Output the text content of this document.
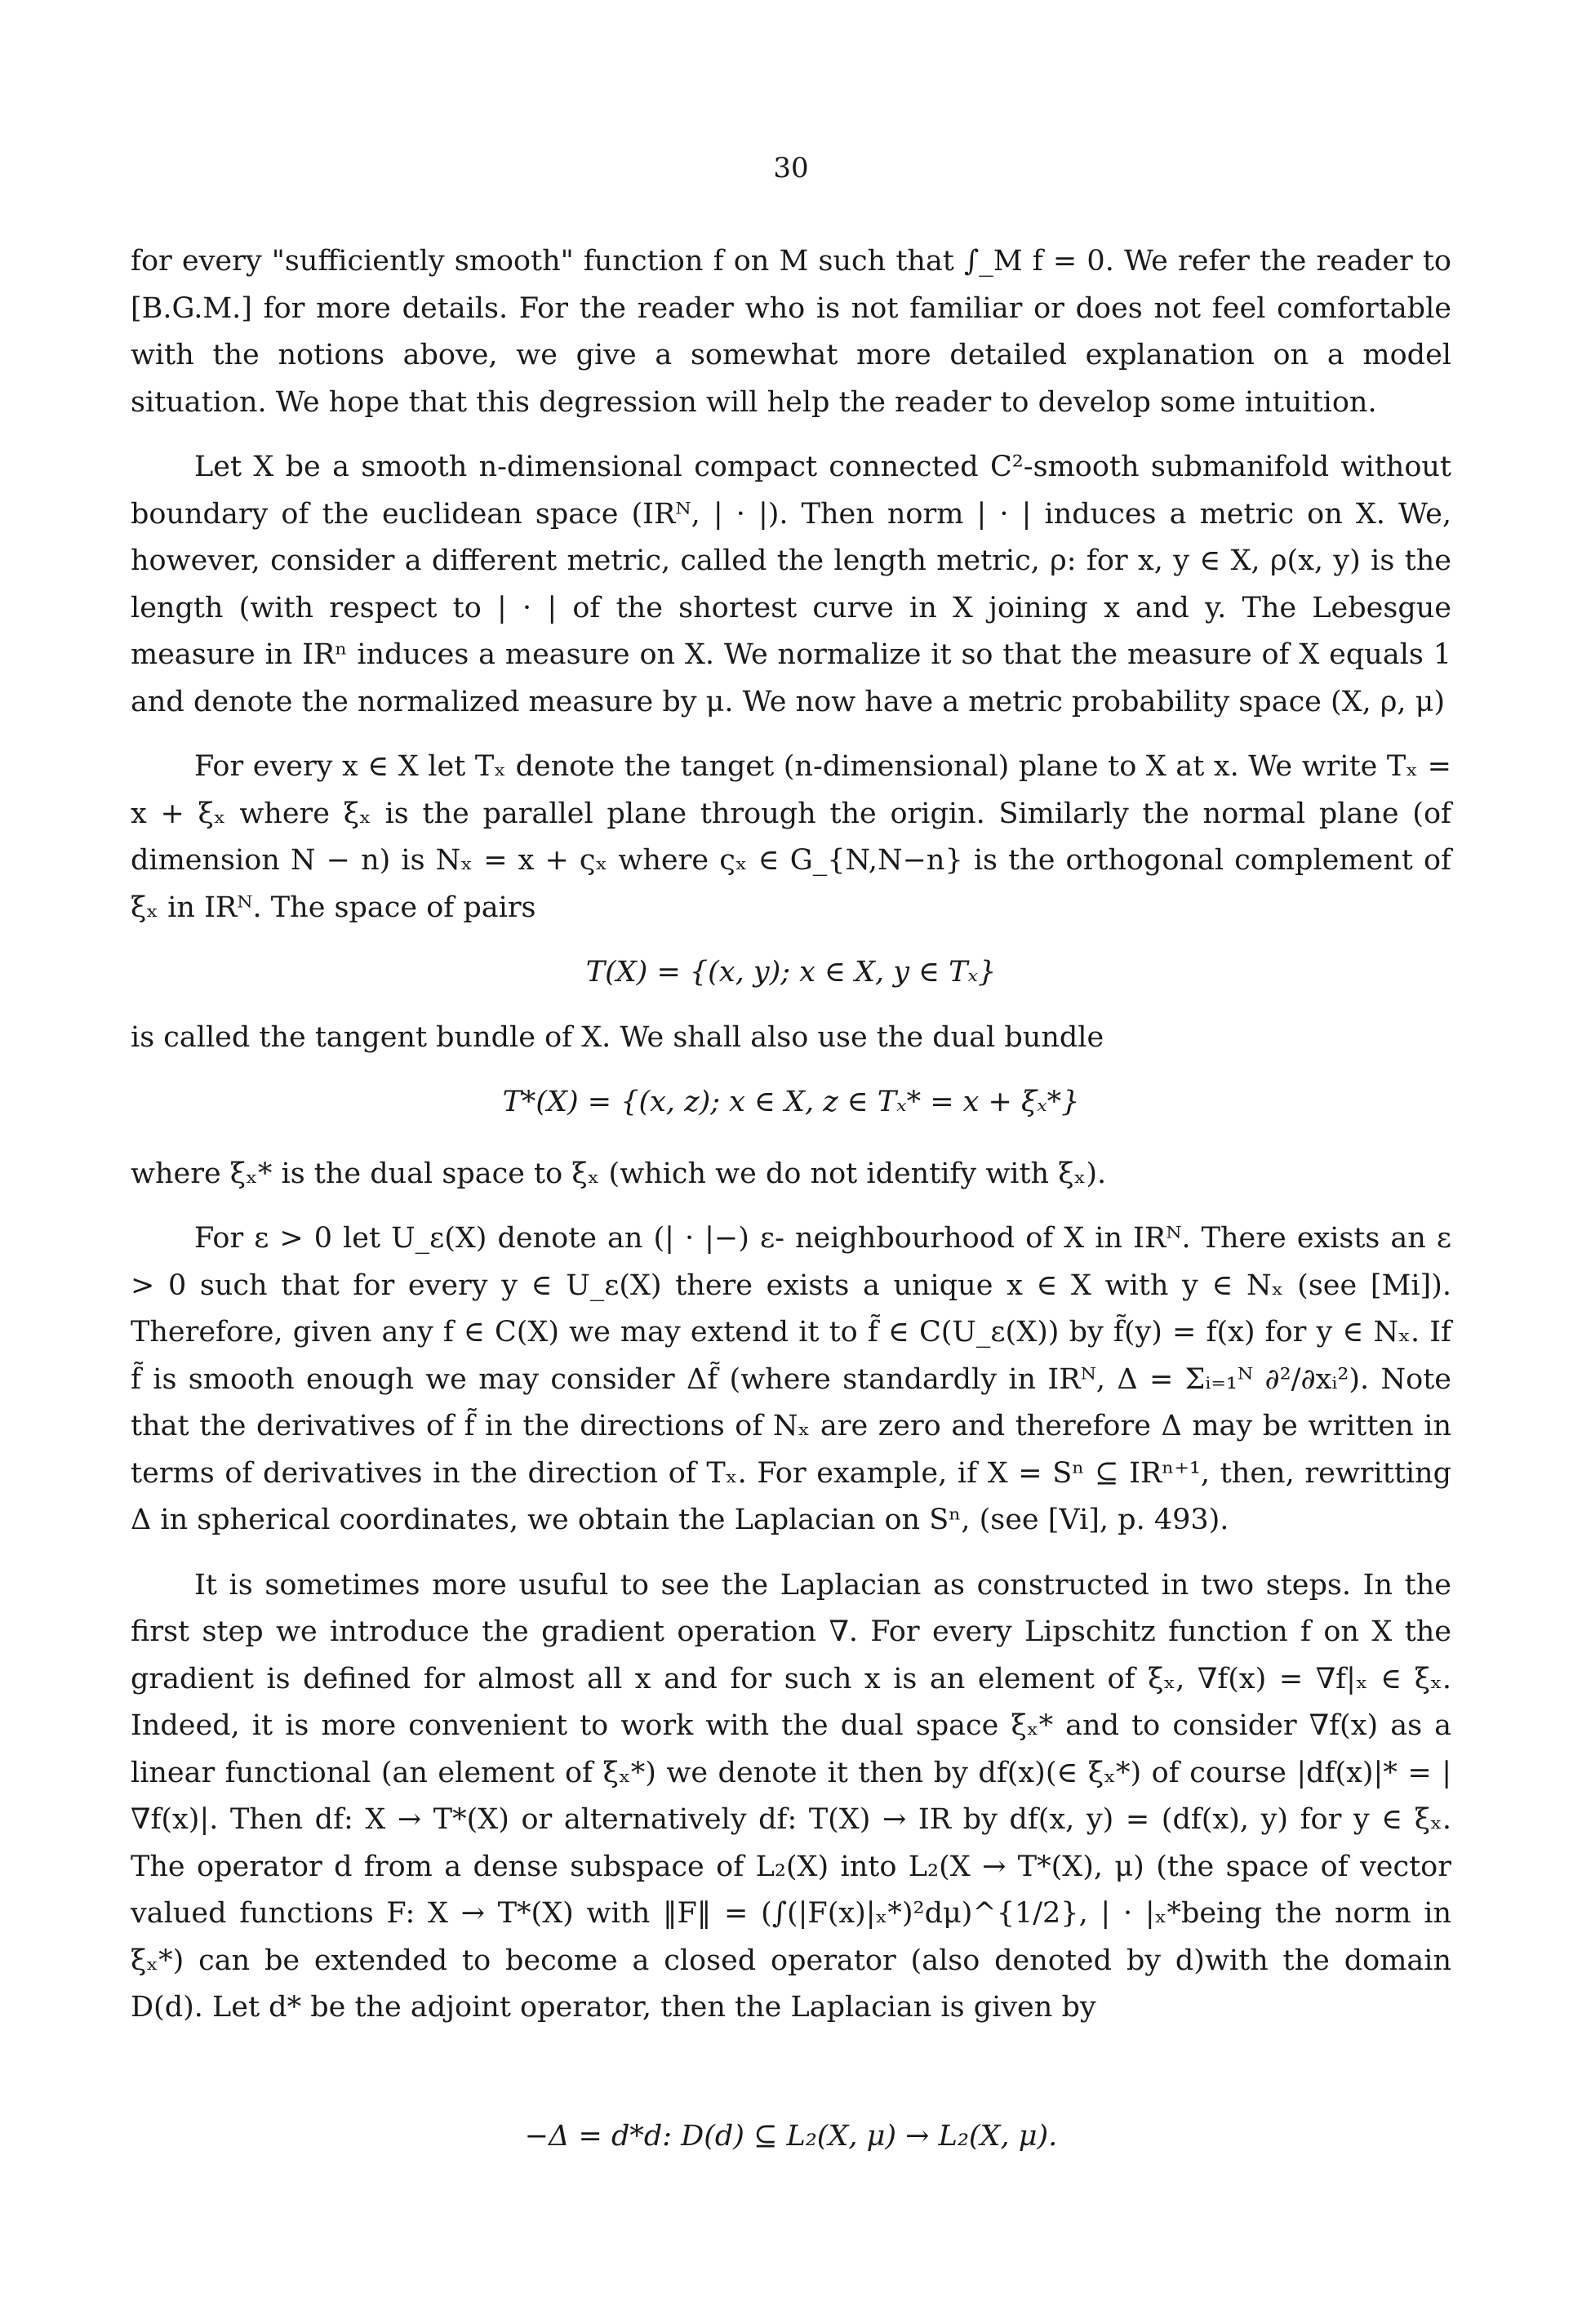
30

for every "sufficiently smooth" function f on M such that ∫_M f = 0. We refer the reader to [B.G.M.] for more details. For the reader who is not familiar or does not feel comfortable with the notions above, we give a somewhat more detailed explanation on a model situation. We hope that this degression will help the reader to develop some intuition.

Let X be a smooth n-dimensional compact connected C²-smooth submanifold without boundary of the euclidean space (IRᴺ, | · |). Then norm | · | induces a metric on X. We, however, consider a different metric, called the length metric, ρ: for x, y ∈ X, ρ(x, y) is the length (with respect to | · | of the shortest curve in X joining x and y. The Lebesgue measure in IRⁿ induces a measure on X. We normalize it so that the measure of X equals 1 and denote the normalized measure by μ. We now have a metric probability space (X, ρ, μ)

For every x ∈ X let Tₓ denote the tanget (n-dimensional) plane to X at x. We write Tₓ = x + ξₓ where ξₓ is the parallel plane through the origin. Similarly the normal plane (of dimension N − n) is Nₓ = x + ςₓ where ςₓ ∈ G_{N,N−n} is the orthogonal complement of ξₓ in IRᴺ. The space of pairs

T(X) = {(x, y); x ∈ X, y ∈ Tₓ}

is called the tangent bundle of X. We shall also use the dual bundle

T*(X) = {(x, z); x ∈ X, z ∈ Tₓ* = x + ξₓ*}

where ξₓ* is the dual space to ξₓ (which we do not identify with ξₓ).

For ε > 0 let U_ε(X) denote an (| · |−) ε- neighbourhood of X in IRᴺ. There exists an ε > 0 such that for every y ∈ U_ε(X) there exists a unique x ∈ X with y ∈ Nₓ (see [Mi]). Therefore, given any f ∈ C(X) we may extend it to f̃ ∈ C(U_ε(X)) by f̃(y) = f(x) for y ∈ Nₓ. If f̃ is smooth enough we may consider Δf̃ (where standardly in IRᴺ, Δ = Σᵢ₌₁ᴺ ∂²/∂xᵢ²). Note that the derivatives of f̃ in the directions of Nₓ are zero and therefore Δ may be written in terms of derivatives in the direction of Tₓ. For example, if X = Sⁿ ⊆ IRⁿ⁺¹, then, rewritting Δ in spherical coordinates, we obtain the Laplacian on Sⁿ, (see [Vi], p. 493).

It is sometimes more usuful to see the Laplacian as constructed in two steps. In the first step we introduce the gradient operation ∇. For every Lipschitz function f on X the gradient is defined for almost all x and for such x is an element of ξₓ, ∇f(x) = ∇f|ₓ ∈ ξₓ. Indeed, it is more convenient to work with the dual space ξₓ* and to consider ∇f(x) as a linear functional (an element of ξₓ*) we denote it then by df(x)(∈ ξₓ*) of course |df(x)|* = |∇f(x)|. Then df: X → T*(X) or alternatively df: T(X) → IR by df(x, y) = (df(x), y) for y ∈ ξₓ. The operator d from a dense subspace of L₂(X) into L₂(X → T*(X), μ) (the space of vector valued functions F: X → T*(X) with ‖F‖ = (∫(|F(x)|ₓ*)²dμ)^{1/2}, | · |ₓ*being the norm in ξₓ*) can be extended to become a closed operator (also denoted by d)with the domain D(d). Let d* be the adjoint operator, then the Laplacian is given by

−Δ = d*d: D(d) ⊆ L₂(X, μ) → L₂(X, μ).
